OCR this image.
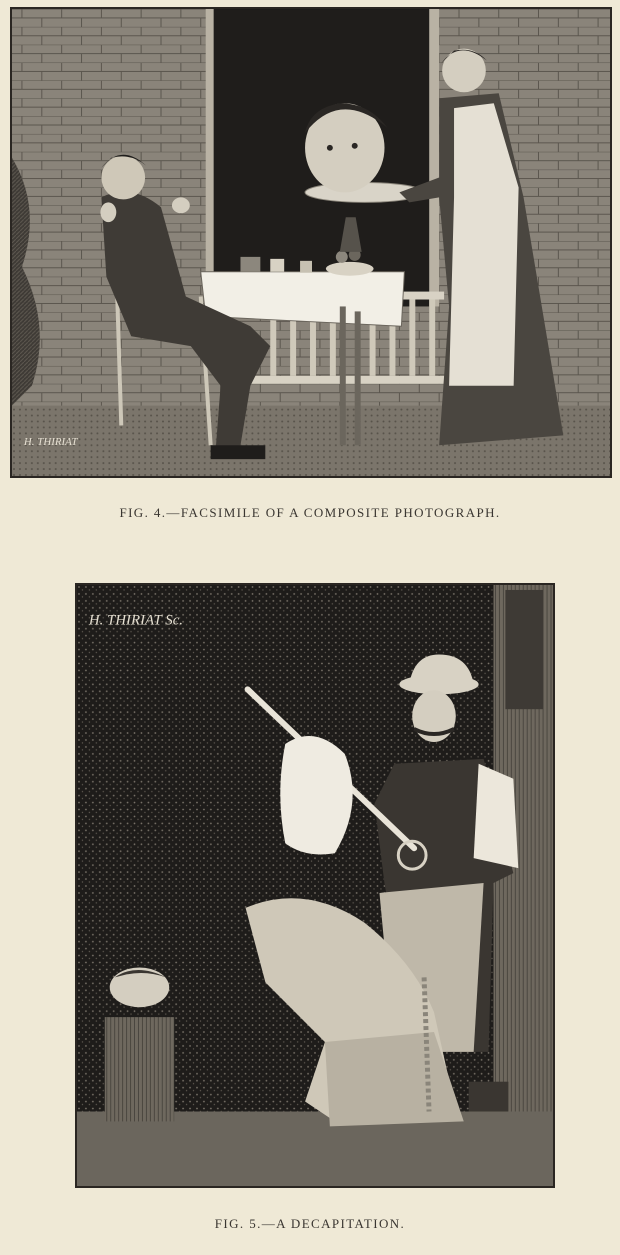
H. THIRIAT
FIG. 4.—FACSIMILE OF A COMPOSITE PHOTOGRAPH.
H. THIRIAT Sc.
FIG. 5.—A DECAPITATION.
